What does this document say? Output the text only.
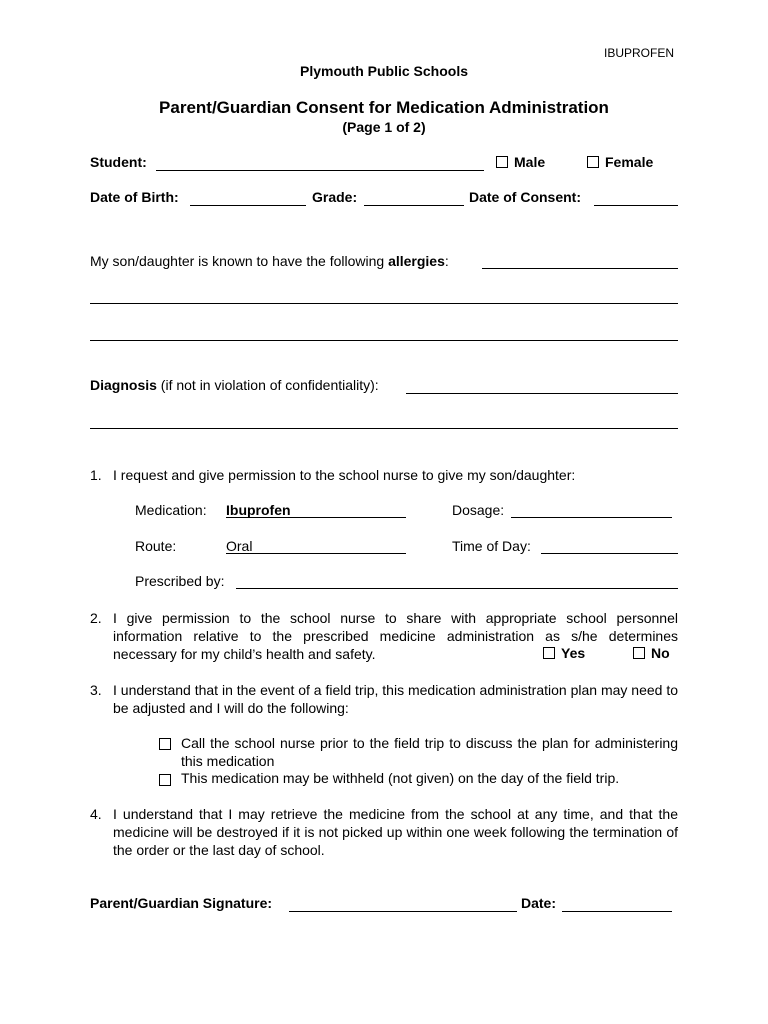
IBUPROFEN
Plymouth Public Schools
Parent/Guardian Consent for Medication Administration
(Page 1 of 2)
Student:	Male	Female
Date of Birth:	Grade:	Date of Consent:
My son/daughter is known to have the following allergies:
Diagnosis (if not in violation of confidentiality):
1. I request and give permission to the school nurse to give my son/daughter:
Medication: Ibuprofen	Dosage:
Route:	Oral	Time of Day:
Prescribed by:
2. I give permission to the school nurse to share with appropriate school personnel information relative to the prescribed medicine administration as s/he determines necessary for my child’s health and safety.	Yes	No
3. I understand that in the event of a field trip, this medication administration plan may need to be adjusted and I will do the following:
Call the school nurse prior to the field trip to discuss the plan for administering this medication
This medication may be withheld (not given) on the day of the field trip.
4. I understand that I may retrieve the medicine from the school at any time, and that the medicine will be destroyed if it is not picked up within one week following the termination of the order or the last day of school.
Parent/Guardian Signature:	Date:
